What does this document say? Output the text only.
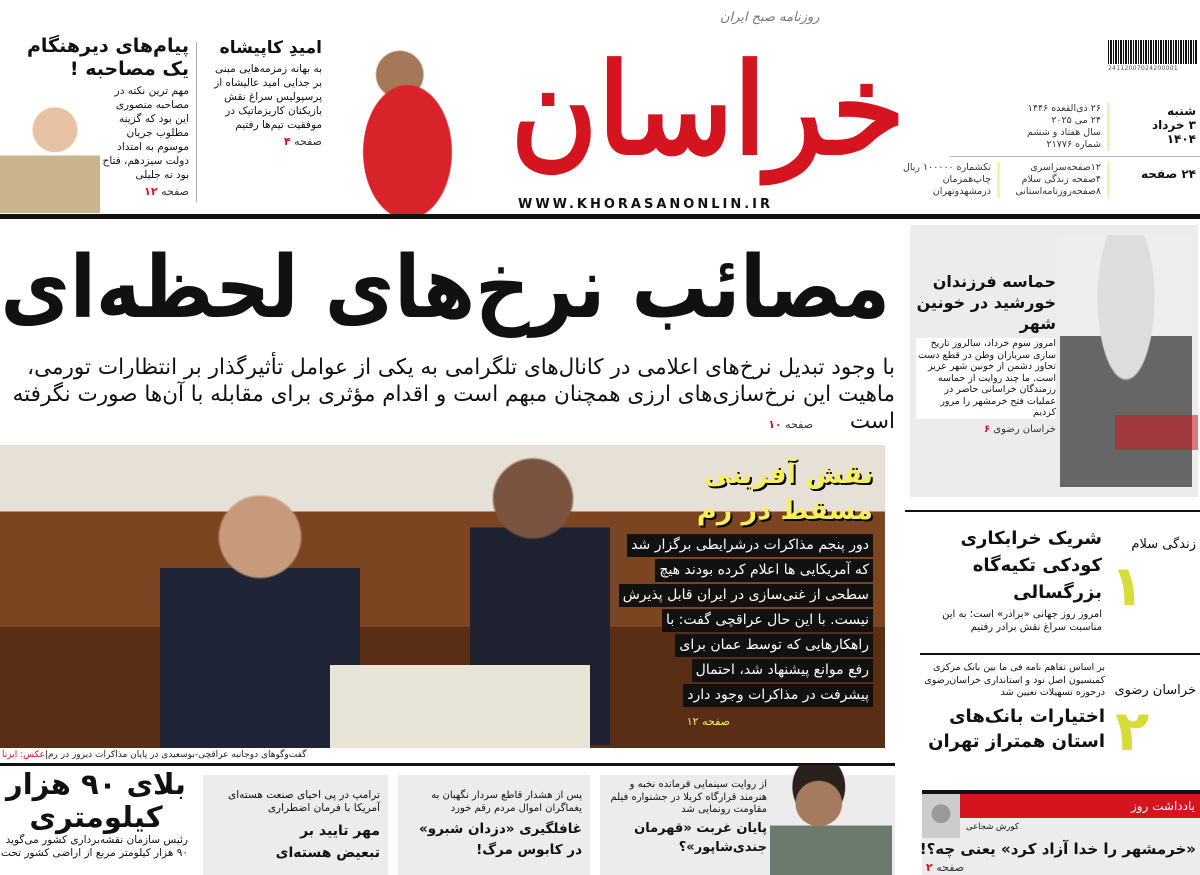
پیام‌های دیرهنگام یک مصاحبه !
مهم ترین نکته در مصاحبه منصوری این بود که گزینه مطلوب جریان موسوم به امتداد دولت سیزدهم، فتاح بود نه جلیلی
صفحه ۱۲
امیدِ کاپیشاه
به بهانه زمزمه‌هایی مبنی بر جدایی امید عالیشاه از پرسپولیس سراغ نقش بازیکنان کاریزماتیک در موفقیت تیم‌ها رفتیم
صفحه ۴
روزنامه صبح ایران
خراسان
WWW.KHORASANONLIN.IR
24112007024200001
شنبه
۳ خرداد
۱۴۰۴
۲۶ ذی‌القعده ۱۴۴۶
۲۴ می ۲۰۲۵
سال هفتاد و ششم
شماره ۲۱۷۷۶
۲۴ صفحه
۱۲صفحه‌سراسری
۴صفحه زندگی سلام
۸صفحه‌روزنامه‌استانی
تکشماره ۱۰۰۰۰۰ ریال
چاپ‌همزمان
درمشهدوتهران
مصائب نرخ‌های لحظه‌ای
با وجود تبدیل نرخ‌های اعلامی در کانال‌های تلگرامی به یکی از عوامل تأثیرگذار بر انتظارات تورمی، ماهیت این نرخ‌سازی‌های ارزی همچنان مبهم است و اقدام مؤثری برای مقابله با آن‌ها صورت نگرفته است صفحه ۱۰
نقش آفرینی مسقط در رم
دور پنجم مذاکرات درشرایطی برگزار شد
که آمریکایی ها اعلام کرده بودند هیچ
سطحی از غنی‌سازی در ایران قابل پذیرش
نیست. با این حال عراقچی گفت: با
راهکارهایی که توسط عمان برای
رفع موانع پیشنهاد شد، احتمال
پیشرفت در مذاکرات وجود دارد
صفحه ۱۲
گفت‌وگوهای دوجانبه عراقچی-بوسعیدی در پایان مذاکرات دیروز در رم|عکس: ایرنا
حماسه فرزندان خورشید در خونین شهر
امروز سوم خرداد، سالروز تاریخ سازی سربازان وطن در قطع دست تجاوز دشمن از خونین شهر عزیز است. ما چند روایت از حماسه رزمندگان خراسانی حاضر در عملیات فتح خرمشهر را مرور کردیم
خراسان رضوی ۶
زندگی سلام
۱
شریک خرابکاری کودکی تکیه‌گاه بزرگسالی
امروز روز جهانی «برادر» است؛ به این مناسبت سراغ نقش برادر رفتیم
خراسان رضوی
۲
بر اساس تفاهم نامه فی ما بین بانک مرکزی کمیسیون اصل نود و استانداری خراسان‌رضوی درحوزه تسهیلات تعیین شد
اختیارات بانک‌های استان همتراز تهران
یادداشت روز
کورش شجاعی
«خرمشهر را خدا آزاد کرد» یعنی چه؟!
صفحه ۲
بلای ۹۰ هزار کیلومتری
رئیس سازمان نقشه‌برداری کشور می‌گوید ۹۰ هزار کیلومتر مربع از اراضی کشور تحت
ترامپ در پی احیای صنعت هسته‌ای آمریکا با فرمان اضطراری
مهر تایید بر تبعیض هسته‌ای
پس از هشدار قاطع سردار نگهبان به یغماگران اموال مردم رقم خورد
غافلگیری «دزدان شبرو» در کابوس مرگ!
از روایت سینمایی فرمانده نخبه و هنرمند قرارگاه کربلا در جشنواره فیلم مقاومت رونمایی شد
پایان غربت «قهرمان جندی‌شاپور»؟
